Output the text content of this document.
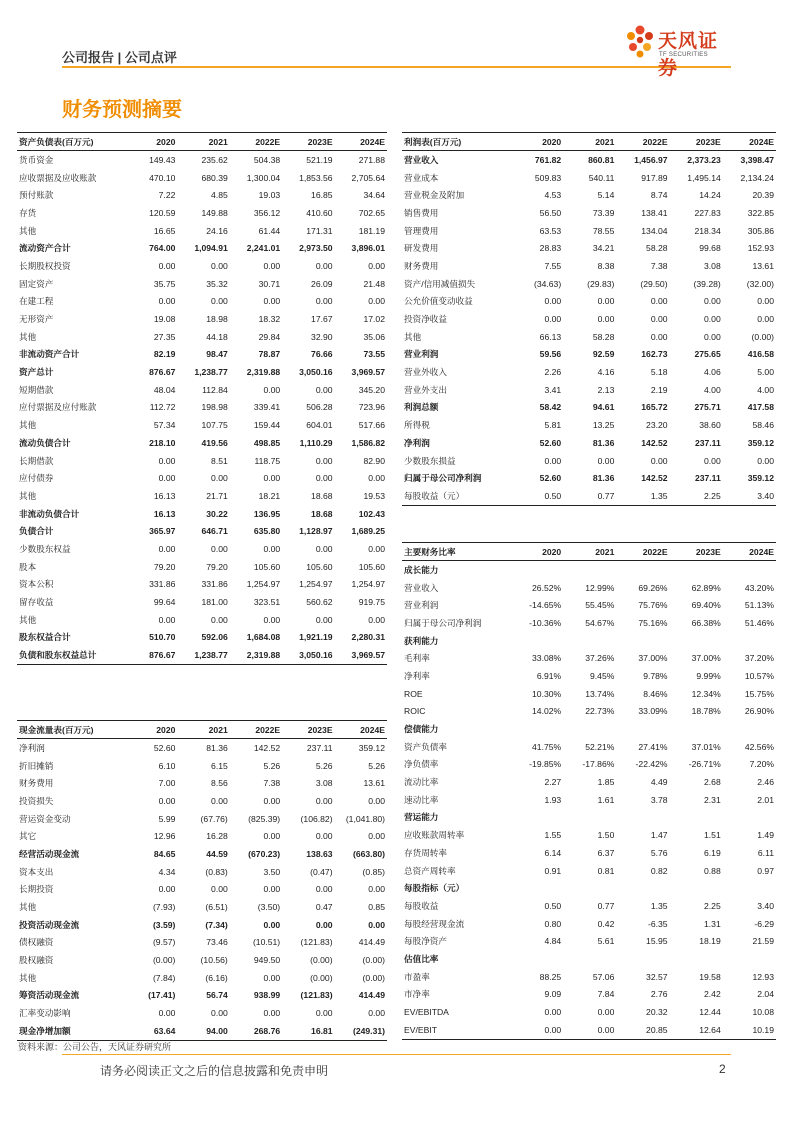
公司报告 | 公司点评
天风证券
TF SECURITIES
财务预测摘要
资产负债表(百万元)	2020	2021	2022E	2023E	2024E
货币资金	149.43	235.62	504.38	521.19	271.88
应收票据及应收账款	470.10	680.39	1,300.04	1,853.56	2,705.64
预付账款	7.22	4.85	19.03	16.85	34.64
存货	120.59	149.88	356.12	410.60	702.65
其他	16.65	24.16	61.44	171.31	181.19
流动资产合计	764.00	1,094.91	2,241.01	2,973.50	3,896.01
长期股权投资	0.00	0.00	0.00	0.00	0.00
固定资产	35.75	35.32	30.71	26.09	21.48
在建工程	0.00	0.00	0.00	0.00	0.00
无形资产	19.08	18.98	18.32	17.67	17.02
其他	27.35	44.18	29.84	32.90	35.06
非流动资产合计	82.19	98.47	78.87	76.66	73.55
资产总计	876.67	1,238.77	2,319.88	3,050.16	3,969.57
短期借款	48.04	112.84	0.00	0.00	345.20
应付票据及应付账款	112.72	198.98	339.41	506.28	723.96
其他	57.34	107.75	159.44	604.01	517.66
流动负债合计	218.10	419.56	498.85	1,110.29	1,586.82
长期借款	0.00	8.51	118.75	0.00	82.90
应付债券	0.00	0.00	0.00	0.00	0.00
其他	16.13	21.71	18.21	18.68	19.53
非流动负债合计	16.13	30.22	136.95	18.68	102.43
负债合计	365.97	646.71	635.80	1,128.97	1,689.25
少数股东权益	0.00	0.00	0.00	0.00	0.00
股本	79.20	79.20	105.60	105.60	105.60
资本公积	331.86	331.86	1,254.97	1,254.97	1,254.97
留存收益	99.64	181.00	323.51	560.62	919.75
其他	0.00	0.00	0.00	0.00	0.00
股东权益合计	510.70	592.06	1,684.08	1,921.19	2,280.31
负债和股东权益总计	876.67	1,238.77	2,319.88	3,050.16	3,969.57
利润表(百万元)	2020	2021	2022E	2023E	2024E
营业收入	761.82	860.81	1,456.97	2,373.23	3,398.47
营业成本	509.83	540.11	917.89	1,495.14	2,134.24
营业税金及附加	4.53	5.14	8.74	14.24	20.39
销售费用	56.50	73.39	138.41	227.83	322.85
管理费用	63.53	78.55	134.04	218.34	305.86
研发费用	28.83	34.21	58.28	99.68	152.93
财务费用	7.55	8.38	7.38	3.08	13.61
资产/信用减值损失	(34.63)	(29.83)	(29.50)	(39.28)	(32.00)
公允价值变动收益	0.00	0.00	0.00	0.00	0.00
投资净收益	0.00	0.00	0.00	0.00	0.00
其他	66.13	58.28	0.00	0.00	(0.00)
营业利润	59.56	92.59	162.73	275.65	416.58
营业外收入	2.26	4.16	5.18	4.06	5.00
营业外支出	3.41	2.13	2.19	4.00	4.00
利润总额	58.42	94.61	165.72	275.71	417.58
所得税	5.81	13.25	23.20	38.60	58.46
净利润	52.60	81.36	142.52	237.11	359.12
少数股东损益	0.00	0.00	0.00	0.00	0.00
归属于母公司净利润	52.60	81.36	142.52	237.11	359.12
每股收益（元）	0.50	0.77	1.35	2.25	3.40
主要财务比率	2020	2021	2022E	2023E	2024E
成长能力					
营业收入	26.52%	12.99%	69.26%	62.89%	43.20%
营业利润	-14.65%	55.45%	75.76%	69.40%	51.13%
归属于母公司净利润	-10.36%	54.67%	75.16%	66.38%	51.46%
获利能力					
毛利率	33.08%	37.26%	37.00%	37.00%	37.20%
净利率	6.91%	9.45%	9.78%	9.99%	10.57%
ROE	10.30%	13.74%	8.46%	12.34%	15.75%
ROIC	14.02%	22.73%	33.09%	18.78%	26.90%
偿债能力					
资产负债率	41.75%	52.21%	27.41%	37.01%	42.56%
净负债率	-19.85%	-17.86%	-22.42%	-26.71%	7.20%
流动比率	2.27	1.85	4.49	2.68	2.46
速动比率	1.93	1.61	3.78	2.31	2.01
营运能力					
应收账款周转率	1.55	1.50	1.47	1.51	1.49
存货周转率	6.14	6.37	5.76	6.19	6.11
总资产周转率	0.91	0.81	0.82	0.88	0.97
每股指标（元）					
每股收益	0.50	0.77	1.35	2.25	3.40
每股经营现金流	0.80	0.42	-6.35	1.31	-6.29
每股净资产	4.84	5.61	15.95	18.19	21.59
估值比率					
市盈率	88.25	57.06	32.57	19.58	12.93
市净率	9.09	7.84	2.76	2.42	2.04
EV/EBITDA	0.00	0.00	20.32	12.44	10.08
EV/EBIT	0.00	0.00	20.85	12.64	10.19
现金流量表(百万元)	2020	2021	2022E	2023E	2024E
净利润	52.60	81.36	142.52	237.11	359.12
折旧摊销	6.10	6.15	5.26	5.26	5.26
财务费用	7.00	8.56	7.38	3.08	13.61
投资损失	0.00	0.00	0.00	0.00	0.00
营运资金变动	5.99	(67.76)	(825.39)	(106.82)	(1,041.80)
其它	12.96	16.28	0.00	0.00	0.00
经营活动现金流	84.65	44.59	(670.23)	138.63	(663.80)
资本支出	4.34	(0.83)	3.50	(0.47)	(0.85)
长期投资	0.00	0.00	0.00	0.00	0.00
其他	(7.93)	(6.51)	(3.50)	0.47	0.85
投资活动现金流	(3.59)	(7.34)	0.00	0.00	0.00
债权融资	(9.57)	73.46	(10.51)	(121.83)	414.49
股权融资	(0.00)	(10.56)	949.50	(0.00)	(0.00)
其他	(7.84)	(6.16)	0.00	(0.00)	(0.00)
筹资活动现金流	(17.41)	56.74	938.99	(121.83)	414.49
汇率变动影响	0.00	0.00	0.00	0.00	0.00
现金净增加额	63.64	94.00	268.76	16.81	(249.31)
资料来源：公司公告，天风证券研究所
请务必阅读正文之后的信息披露和免责申明	2
